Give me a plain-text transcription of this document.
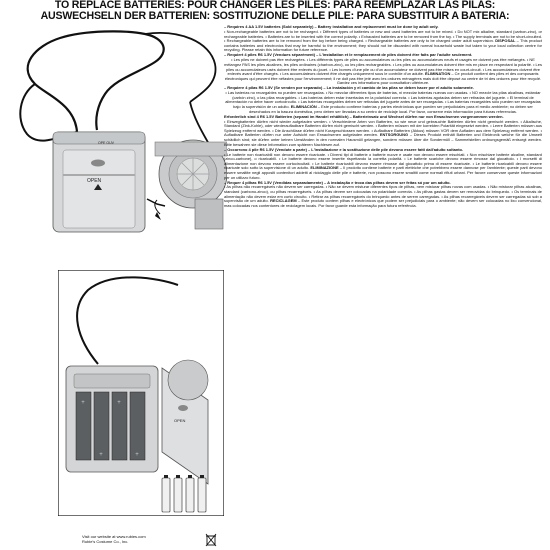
TO REPLACE BATTERIES: POUR CHANGER LES PILES: PARA REEMPLAZAR LAS PILAS:
AUSWECHSELN DER BATTERIEN: SOSTITUZIONE DELLE PILE: PARA SUBSTITUIR A BATERIA:
OPEN
OPE OUV
+
+
+
+
OPEN

– Requires 4 AA 1.5V batteries (Sold separately) – Battery installation and replacement must be done by adult only.

• Non-rechargeable batteries are not to be recharged. • Different types of batteries or new and used batteries are not to be mixed. • Do NOT mix alkaline, standard (carbon-zinc), or rechargeable batteries. • Batteries are to be inserted with the correct polarity. • Exhausted batteries are to be removed from the toy. • The supply terminals are not to be short-circuited. • Rechargeable batteries are to be removed from the toy before being charged. • Rechargeable batteries are only to be charged under adult supervision. DISPOSAL – This product contains batteries and electronics that may be harmful to the environment; they should not be discarded with normal household waste but taken to your local collection centre for recycling. Please retain this information for future reference.

– Requiert 4 piles R6 1.5V (Vendues séparément) – L'installation et le remplacement de piles doivent être faits par l'adulte seulement.

• Les piles ne doivent pas être rechargées. • Les différents types de piles ou accumulateurs ou les piles ou accumulateurs neufs et usagés ne doivent pas être mélangés. • NE mélangez PAS les piles alcalines, les piles ordinaires (charbon-zinc), ou les piles rechargeables. • Les piles ou accumulateurs doivent être mis en place en respectant la polarité. • Les piles ou accumulateurs usés doivent être enlevés du jouet. • Les bornes d'une pile ou d'un accumulateur ne doivent pas être mises en court-circuit. • Les accumulateurs doivent être enlevés avant d'être chargés. • Les accumulateurs doivent être chargés uniquement sous le contrôle d'un adulte. ÉLIMINATION – Ce produit contient des piles et des composants électroniques qui peuvent être néfastes pour l'environnement; il ne doit pas être jeté avec les ordures ménagères mais doit être déposé au centre de tri des ordures pour être recyclé. Gardez ces informations pour consultation ultérieure.

– Requiere 4 pilas R6 1.5V (Se venden por separado) – La instalación y el cambio de las pilas se deben hacer por el adulto solamente.

• Las baterías no recargables no pueden ser recargadas. • No mezclar diferentes tipos de baterías, ni mezclar baterías nuevas con usadas. • NO mezcle las pilas alcalinas, estándar (carbón zinc), o las pilas recargables. • Las baterías deben estar insertadas en la polaridad correcta. • Las baterías agotadas deben ser retiradas del juguete. • El terminal de alimentación no debe hacer cortocircuito. • Las baterías recargables deben ser retiradas del juguete antes de ser recargadas. • Las baterías recargables sólo pueden ser recargadas bajo la supervisión de un adulto. ELIMINACIÓN – Este producto contiene baterías y partes electrónicas que pueden ser perjudiciales para el medio ambiente; no deben ser desechados en la basura doméstica, pero deben ser llevadas a su centro de reciclaje local. Por favor, conserve esta información para futuras referencias.

Erforderlich sind 4 R6 1.5V Batterien (separat im Handel erhältlich) – Batterieinsatz und Wechsel dürfen nur von Erwachsenen vorgenommen werden.

• Einwegbatterien dürfen nicht wieder aufgeladen werden. • Verschiedene Arten von Batterien, so wie neue und gebrauchte Batterien dürfen nicht gemischt werden. • Alkalische, Standard (Zink-Kohle), oder wiederaufladbare Batterien dürfen nicht gemischt werden. • Batterien müssen mit der korrekten Polarität eingesetzt werden. • Leere Batterien müssen aus Spielzeug entfernt werden. • Die Anschlüsse dürfen nicht Kurzgeschlossen werden. • Aufladbare Batterien (Akkus) müssen VOR dem Aufladen aus dem Spielzeug entfernt werden. • Aufladbare Batterien dürfen nur unter Aufsicht von Erwachsenen aufgeladen werden. ENTSORGUNG – Dieses Produkt enthält Batterien und Elektronik welche für die Umwelt schädlich sind; sie dürfen unter keinen Umständen in den normalen Hausmüll gelangen, sondern müssen über die Sondermüll – Sammelstellen ordnungsgemäß entsorgt werden. Bitte bewahren sie diese Information zum späteren Nachlesen auf.

– Occorrono 4 pile R6 1.5V (Vendute a parte) – L'installazione e la sostituzione delle pile devono essere fatti dall'adulto soltanto.

• Le batterie non ricaricabili non devono essere ricaricate. • Diversi tipi di batterie o batterie nuove e usate non devono essere mischiati. • Non mischiare batterie alcaline, standard (zinco-carbone), o ricaricabili. • Le batterie devono essere inserite rispettando la corretta polarità. • Le batterie scariche devono essere rimosse dal giocattolo. • I morsetti di alimentazione non devono essere cortocircuitati. • Le batterie ricaricabili devono essere rimosse dal giocattolo prima di essere ricaricate. • Le batterie ricaricabili devono essere ricaricate solo sotto la supervisione di un adulto. ELIMINAZIONE – Il prodotto contiene batterie e parti elettriche che potrebbero essere dannose per l'ambiente; queste parti devono essere smaltite negli appositi contenitori addetti al riciclaggio delle pile e batterie, non possono essere smaltiti come normali rifiuti urbani. Per favore conservare queste informazioni per un utilizzo futuro.

– Requer 4 pilhas R6 1.5V (Vendidas separadamente) – A instalação e troca das pilhas devem ser feitas só por um adulto.

• As pilhas não recarregáveis não devem ser carregadas. • Não se devem misturar diferentes tipos de pilhas, nem misturar pilhas novas com usadas. • Não misturar pilhas alcalinas, standard (carbono-zinco), ou pilhas recarregáveis. • As pilhas devem ser colocadas na polaridade correcta. • As pilhas gastas devem ser removidas do brinquedo. • Os terminais de alimentação não devem estar em curto circuito. • Retirar as pilhas recarregáveis do brinquedo antes de serem carregadas. • As pilhas recarregáveis devem ser carregadas só sob a supervisão de um adulto. RECICLAGEM – Este produto contem pilhas e electrónicos que podem ser prejudiciais para o ambiente; não devem ser colocadas no lixo convencional, mas colocadas nos contentores de reciclagem locais. Por favor guarde esta informação para futura referência.

Visit our website at www.rubies.com
Rubie's Costume Co., Inc.
